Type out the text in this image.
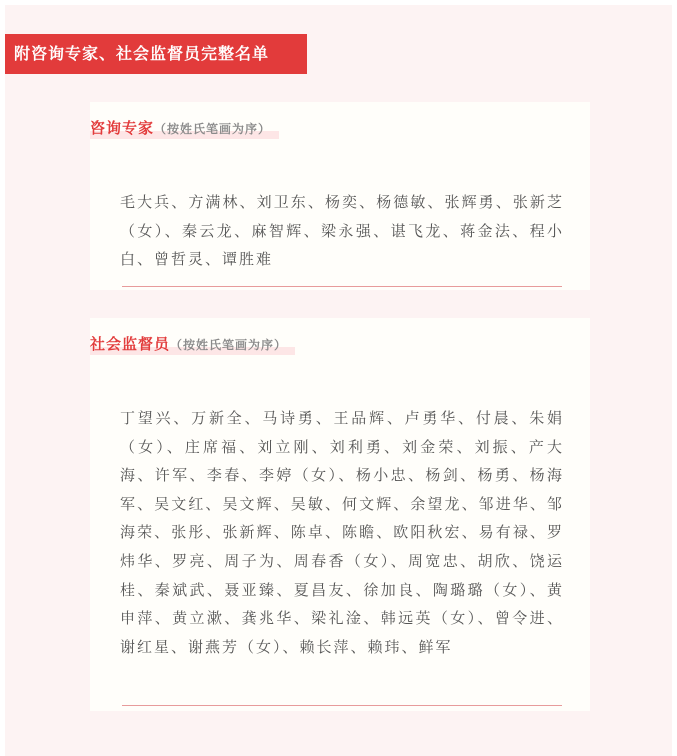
附咨询专家、社会监督员完整名单
咨询专家（按姓氏笔画为序）
毛大兵、方满林、刘卫东、杨奕、杨德敏、张辉勇、张新芝（女）、秦云龙、麻智辉、梁永强、谌飞龙、蒋金法、程小白、曾哲灵、谭胜难
社会监督员（按姓氏笔画为序）
丁望兴、万新全、马诗勇、王品辉、卢勇华、付晨、朱娟（女）、庄席福、刘立刚、刘利勇、刘金荣、刘振、产大海、许军、李春、李婷（女）、杨小忠、杨剑、杨勇、杨海军、吴文红、吴文辉、吴敏、何文辉、余望龙、邹进华、邹海荣、张彤、张新辉、陈卓、陈瞻、欧阳秋宏、易有禄、罗炜华、罗亮、周子为、周春香（女）、周宽忠、胡欣、饶运桂、秦斌武、聂亚臻、夏昌友、徐加良、陶璐璐（女）、黄申萍、黄立漱、龚兆华、梁礼淦、韩远英（女）、曾令进、谢红星、谢燕芳（女）、赖长萍、赖玮、鲜军
